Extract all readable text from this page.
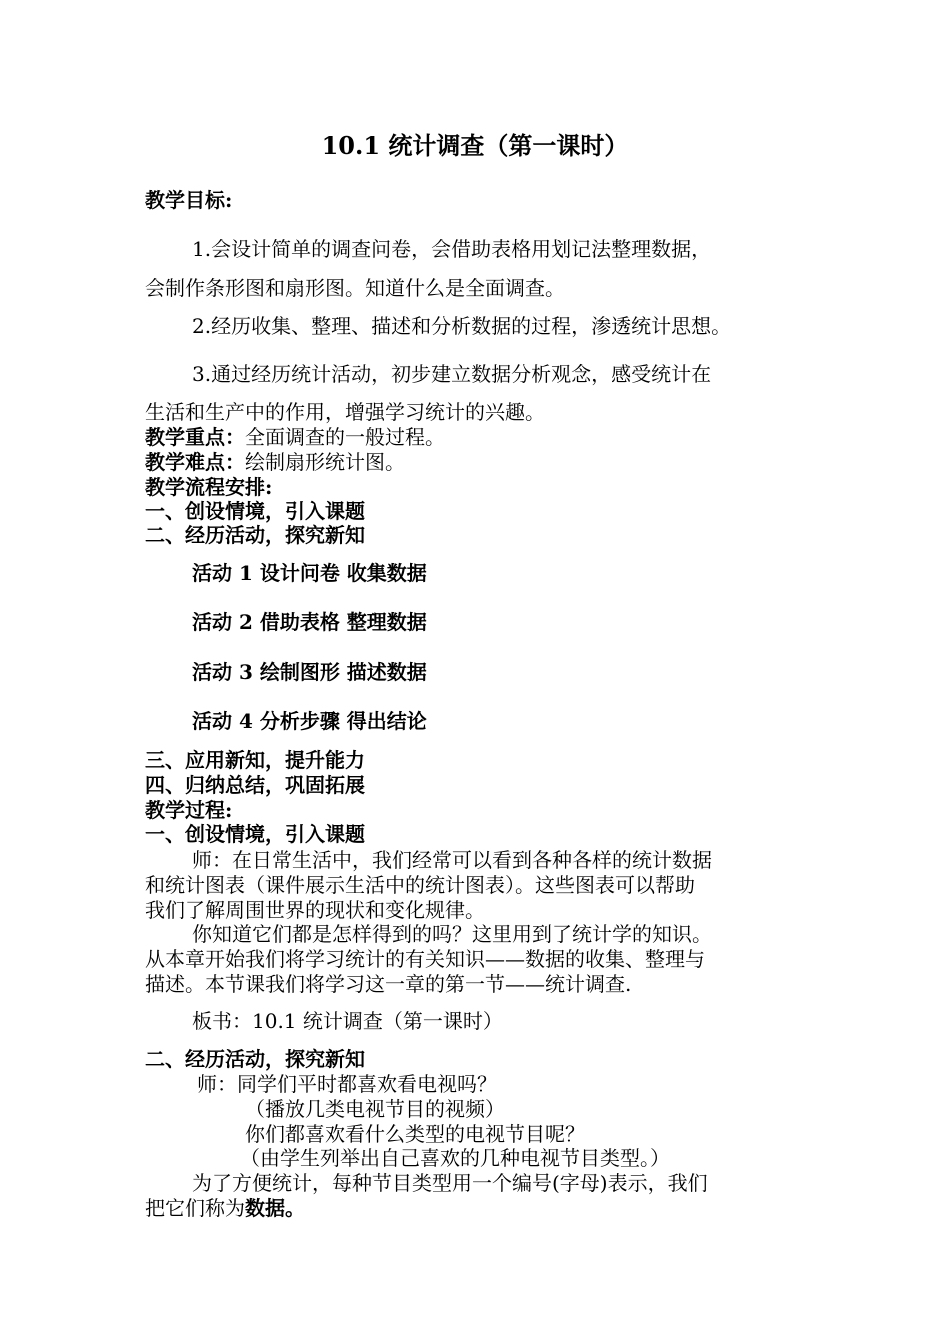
10.1 统计调查（第一课时）
教学目标:
1.会设计简单的调查问卷，会借助表格用划记法整理数据，
会制作条形图和扇形图。知道什么是全面调查。
2.经历收集、整理、描述和分析数据的过程，渗透统计思想。
3.通过经历统计活动，初步建立数据分析观念，感受统计在
生活和生产中的作用，增强学习统计的兴趣。
教学重点：全面调查的一般过程。
教学难点：绘制扇形统计图。
教学流程安排:
一、创设情境，引入课题
二、经历活动，探究新知
活动 1 设计问卷 收集数据
活动 2 借助表格 整理数据
活动 3 绘制图形 描述数据
活动 4 分析步骤 得出结论
三、应用新知，提升能力
四、归纳总结，巩固拓展
教学过程:
一、创设情境，引入课题
师：在日常生活中，我们经常可以看到各种各样的统计数据
和统计图表（课件展示生活中的统计图表）。这些图表可以帮助
我们了解周围世界的现状和变化规律。
你知道它们都是怎样得到的吗？这里用到了统计学的知识。
从本章开始我们将学习统计的有关知识——数据的收集、整理与
描述。本节课我们将学习这一章的第一节——统计调查.
板书：10.1 统计调查（第一课时）
二、经历活动，探究新知
师：同学们平时都喜欢看电视吗？
（播放几类电视节目的视频）
你们都喜欢看什么类型的电视节目呢？
（由学生列举出自己喜欢的几种电视节目类型。）
为了方便统计，每种节目类型用一个编号(字母)表示，我们
把它们称为数据。
